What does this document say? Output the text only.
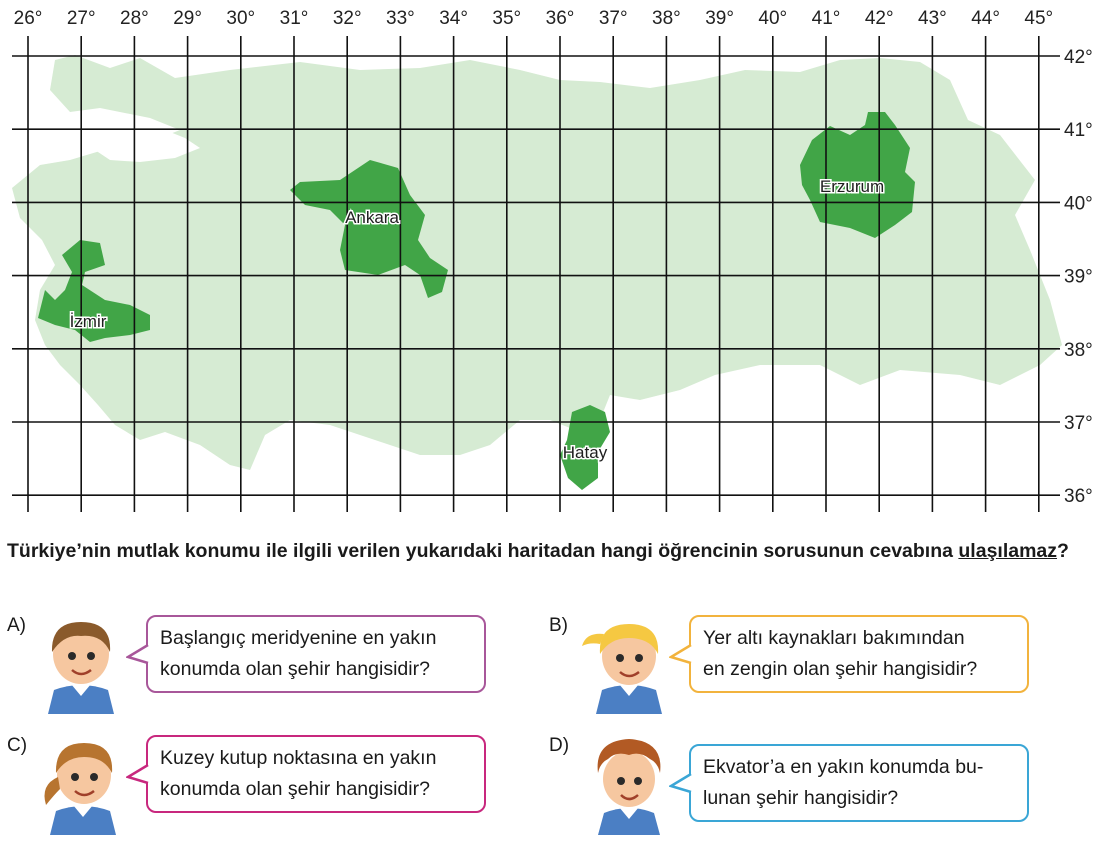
26° 27° 28° 29° 30° 31° 32° 33° 34° 35° 36° 37° 38° 39° 40° 41° 42° 43° 44° 45°
42°
41°
40°
39°
38°
37°
36°
İzmir
Ankara
Erzurum
Hatay
Türkiye’nin mutlak konumu ile ilgili verilen yukarıdaki haritadan hangi öğrencinin sorusunun cevabına ulaşılamaz?
A)
Başlangıç meridyenine en yakın
konumda olan şehir hangisidir?
B)
Yer altı kaynakları bakımından
en zengin olan şehir hangisidir?
C)
Kuzey kutup noktasına en yakın
konumda olan şehir hangisidir?
D)
Ekvator’a en yakın konumda bu-
lunan şehir hangisidir?
